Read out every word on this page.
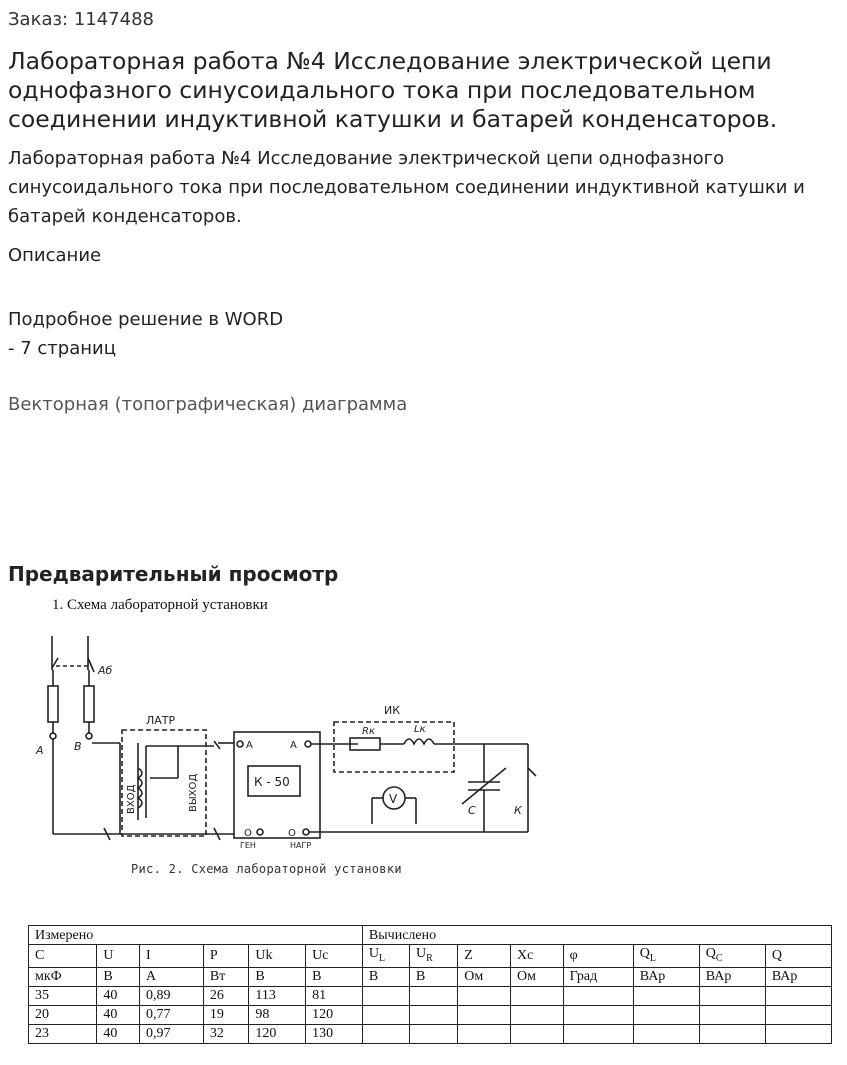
Заказ: 1147488
Лабораторная работа №4 Исследование электрической цепи однофазного синусоидального тока при последовательном соединении индуктивной катушки и батарей конденсаторов.
Лабораторная работа №4 Исследование электрической цепи однофазного синусоидального тока при последовательном соединении индуктивной катушки и батарей конденсаторов.
Описание
Подробное решение в WORD
- 7 страниц
Векторная (топографическая) диаграмма
Предварительный просмотр
1. Схема лабораторной установки
Аб
А	В
ЛАТР
ВХОД	ВЫХОД	К - 50
А	А
О	О
ГЕН	НАГР
ИК
Rк	Lк
V
С	К
Рис. 2. Схема лабораторной установки
Измерено						Вычислено							
С	U	I	P	Uk	Uc	$U_L$	$U_R$	Z	Xc	φ	$Q_L$	$Q_C$	Q
мкФ	В	А	Вт	В	В	В	В	Ом	Ом	Град	ВАр	ВАр	ВАр
35	40	0,89	26	113	81								
20	40	0,77	19	98	120								
23	40	0,97	32	120	130								
